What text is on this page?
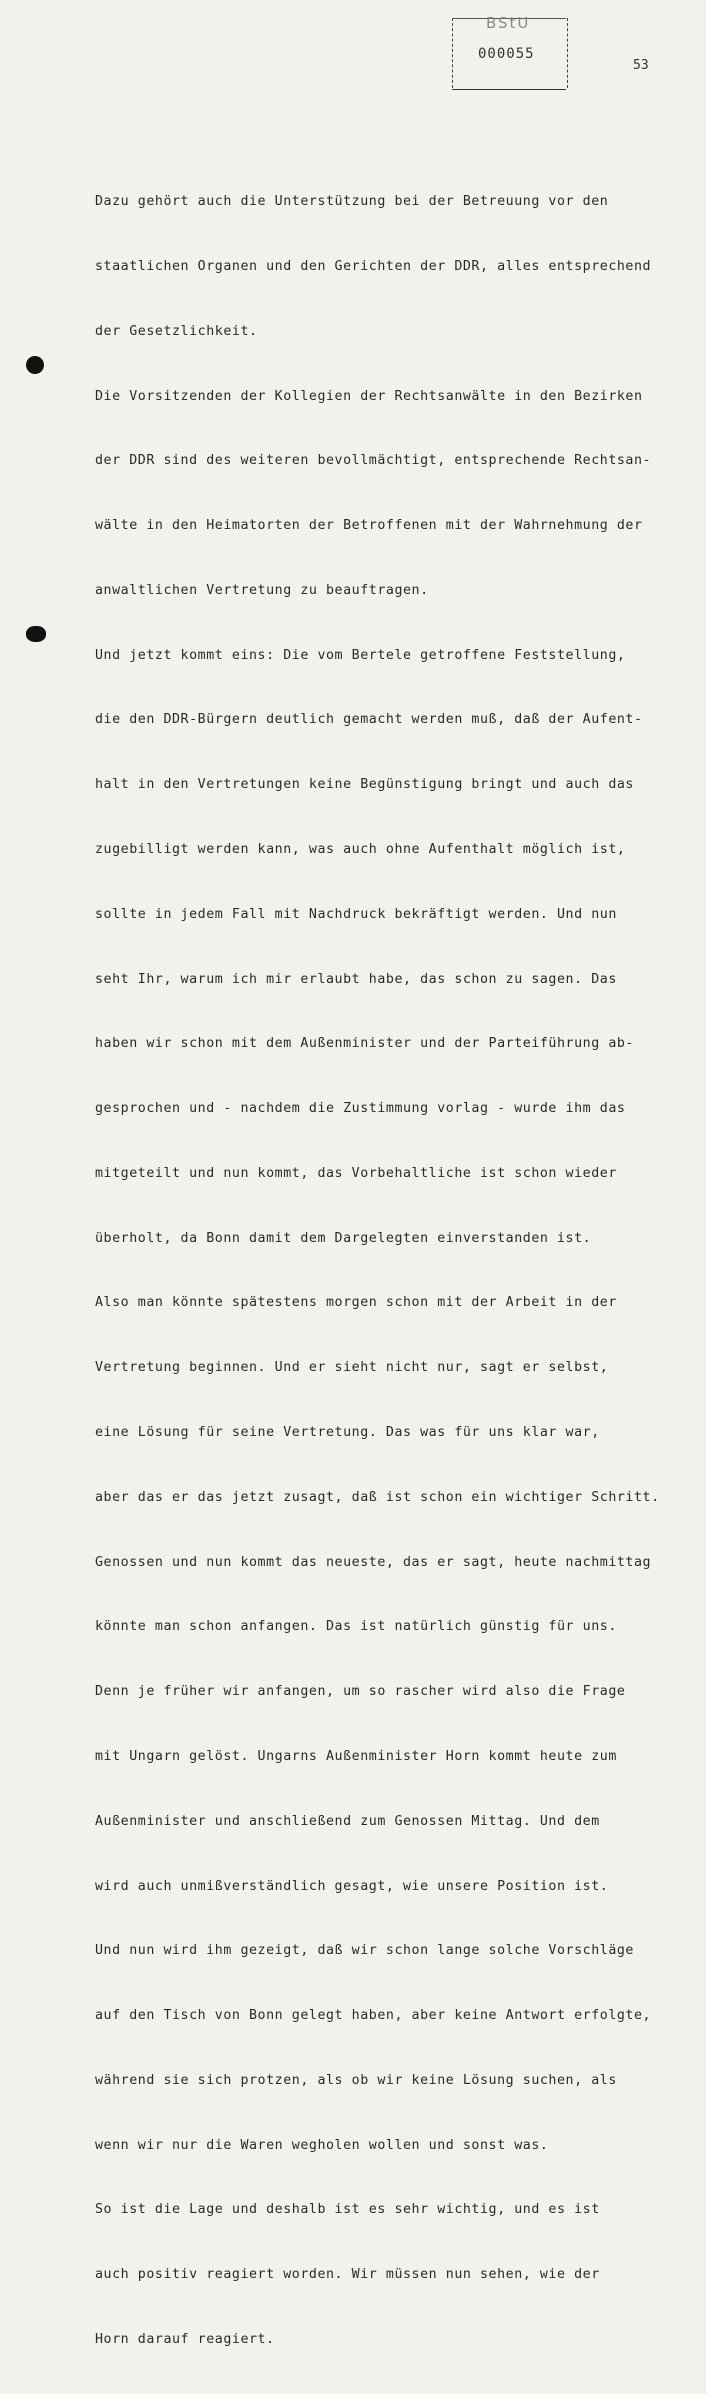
BStU
000055
53

Dazu gehört auch die Unterstützung bei der Betreuung vor den

staatlichen Organen und den Gerichten der DDR, alles entsprechend

der Gesetzlichkeit.

Die Vorsitzenden der Kollegien der Rechtsanwälte in den Bezirken

der DDR sind des weiteren bevollmächtigt, entsprechende Rechtsan-

wälte in den Heimatorten der Betroffenen mit der Wahrnehmung der

anwaltlichen Vertretung zu beauftragen.

Und jetzt kommt eins: Die vom Bertele getroffene Feststellung,

die den DDR-Bürgern deutlich gemacht werden muß, daß der Aufent-

halt in den Vertretungen keine Begünstigung bringt und auch das

zugebilligt werden kann, was auch ohne Aufenthalt möglich ist,

sollte in jedem Fall mit Nachdruck bekräftigt werden. Und nun

seht Ihr, warum ich mir erlaubt habe, das schon zu sagen. Das

haben wir schon mit dem Außenminister und der Parteiführung ab-

gesprochen und - nachdem die Zustimmung vorlag - wurde ihm das

mitgeteilt und nun kommt, das Vorbehaltliche ist schon wieder

überholt, da Bonn damit dem Dargelegten einverstanden ist.

Also man könnte spätestens morgen schon mit der Arbeit in der

Vertretung beginnen. Und er sieht nicht nur, sagt er selbst,

eine Lösung für seine Vertretung. Das was für uns klar war,

aber das er das jetzt zusagt, daß ist schon ein wichtiger Schritt.

Genossen und nun kommt das neueste, das er sagt, heute nachmittag

könnte man schon anfangen. Das ist natürlich günstig für uns.

Denn je früher wir anfangen, um so rascher wird also die Frage

mit Ungarn gelöst. Ungarns Außenminister Horn kommt heute zum

Außenminister und anschließend zum Genossen Mittag. Und dem

wird auch unmißverständlich gesagt, wie unsere Position ist.

Und nun wird ihm gezeigt, daß wir schon lange solche Vorschläge

auf den Tisch von Bonn gelegt haben, aber keine Antwort erfolgte,

während sie sich protzen, als ob wir keine Lösung suchen, als

wenn wir nur die Waren wegholen wollen und sonst was.

So ist die Lage und deshalb ist es sehr wichtig, und es ist

auch positiv reagiert worden. Wir müssen nun sehen, wie der

Horn darauf reagiert.
